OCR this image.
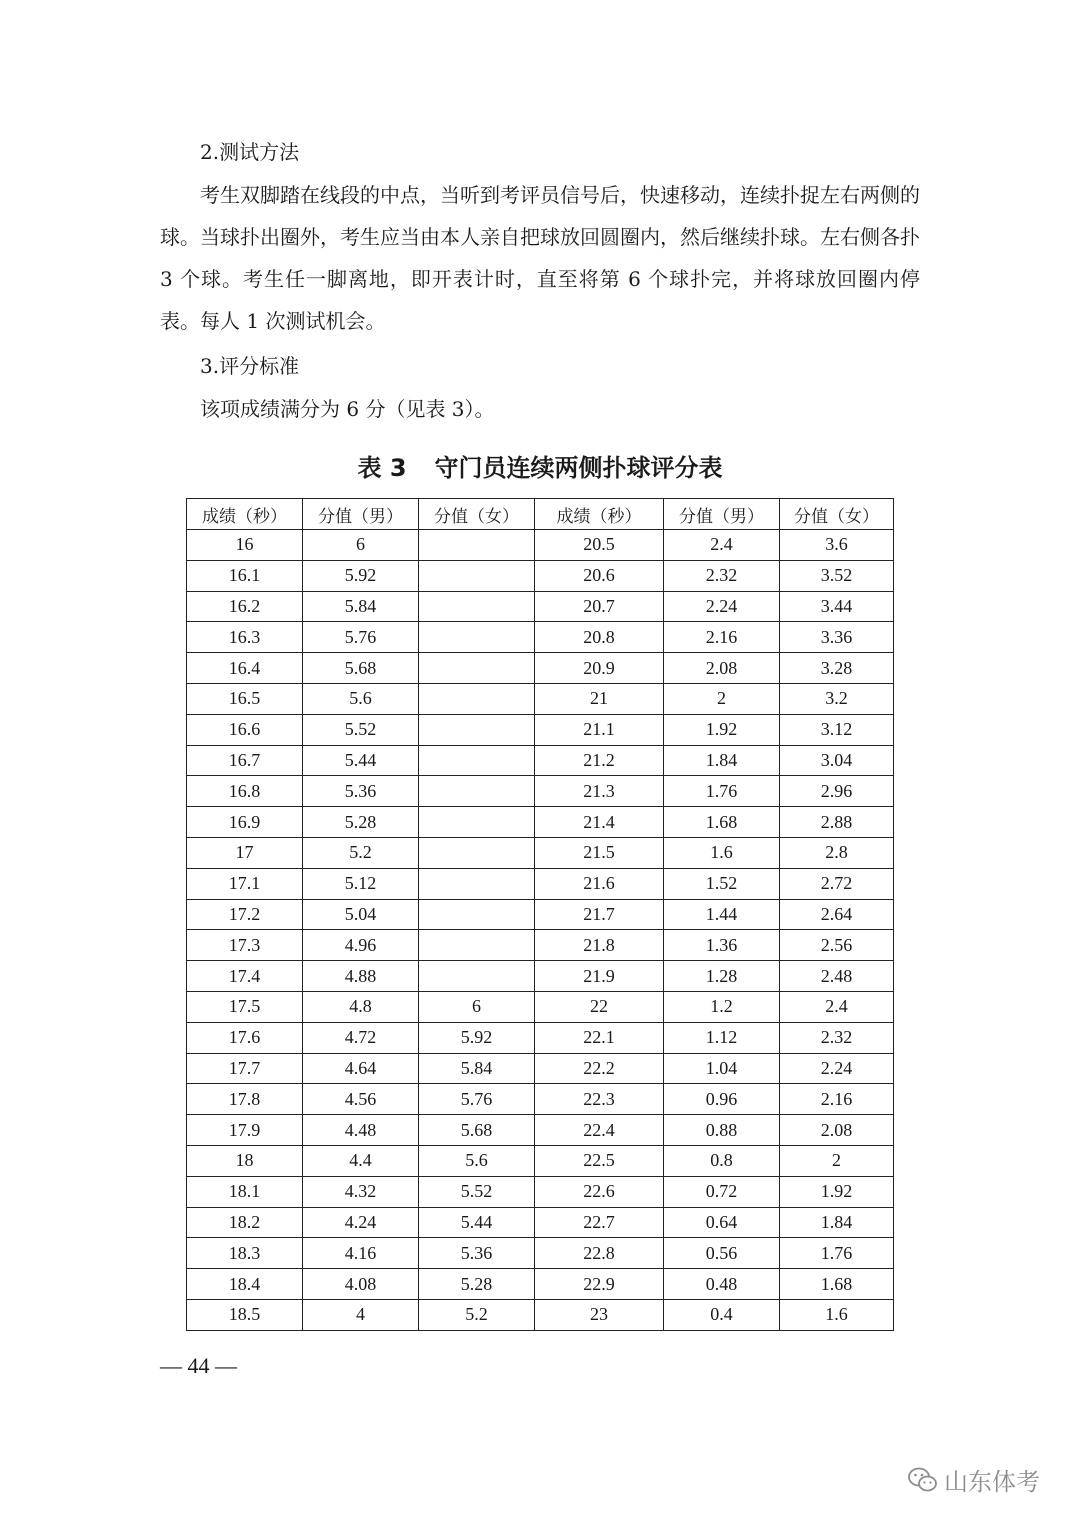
2.测试方法

考生双脚踏在线段的中点，当听到考评员信号后，快速移动，连续扑捉左右两侧的球。当球扑出圈外，考生应当由本人亲自把球放回圆圈内，然后继续扑球。左右侧各扑 3 个球。考生任一脚离地，即开表计时，直至将第 6 个球扑完，并将球放回圈内停表。每人 1 次测试机会。

3.评分标准

该项成绩满分为 6 分（见表 3）。

表 3 守门员连续两侧扑球评分表
成绩（秒）	分值（男）	分值（女）	成绩（秒）	分值（男）	分值（女）
16	6		20.5	2.4	3.6
16.1	5.92		20.6	2.32	3.52
16.2	5.84		20.7	2.24	3.44
16.3	5.76		20.8	2.16	3.36
16.4	5.68		20.9	2.08	3.28
16.5	5.6		21	2	3.2
16.6	5.52		21.1	1.92	3.12
16.7	5.44		21.2	1.84	3.04
16.8	5.36		21.3	1.76	2.96
16.9	5.28		21.4	1.68	2.88
17	5.2		21.5	1.6	2.8
17.1	5.12		21.6	1.52	2.72
17.2	5.04		21.7	1.44	2.64
17.3	4.96		21.8	1.36	2.56
17.4	4.88		21.9	1.28	2.48
17.5	4.8	6	22	1.2	2.4
17.6	4.72	5.92	22.1	1.12	2.32
17.7	4.64	5.84	22.2	1.04	2.24
17.8	4.56	5.76	22.3	0.96	2.16
17.9	4.48	5.68	22.4	0.88	2.08
18	4.4	5.6	22.5	0.8	2
18.1	4.32	5.52	22.6	0.72	1.92
18.2	4.24	5.44	22.7	0.64	1.84
18.3	4.16	5.36	22.8	0.56	1.76
18.4	4.08	5.28	22.9	0.48	1.68
18.5	4	5.2	23	0.4	1.6
— 44 —
山东体考
